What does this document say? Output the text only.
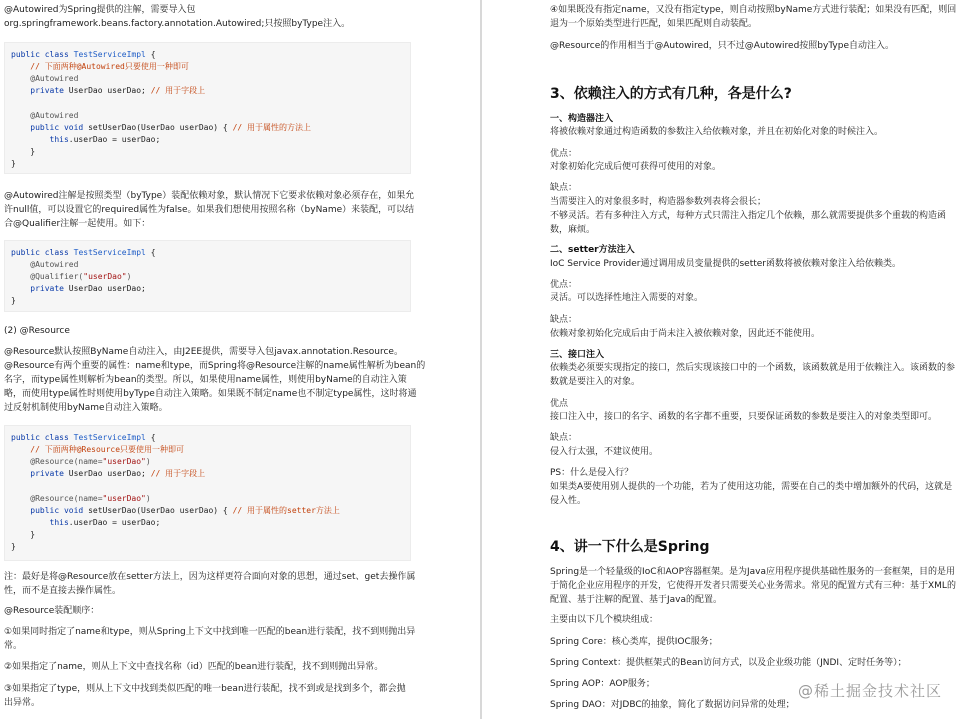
@Autowired为Spring提供的注解，需要导入包
org.springframework.beans.factory.annotation.Autowired;只按照byType注入。
public class TestServiceImpl {
// 下面两种@Autowired只要使用一种即可
@Autowired
private UserDao userDao; // 用于字段上
@Autowired
public void setUserDao(UserDao userDao) { // 用于属性的方法上
this.userDao = userDao;
}
}
@Autowired注解是按照类型（byType）装配依赖对象，默认情况下它要求依赖对象必须存在，如果允
许null值，可以设置它的required属性为false。如果我们想使用按照名称（byName）来装配，可以结
合@Qualifier注解一起使用。如下：
public class TestServiceImpl {
@Autowired
@Qualifier("userDao")
private UserDao userDao;
}
(2) @Resource
@Resource默认按照ByName自动注入，由J2EE提供，需要导入包javax.annotation.Resource。
@Resource有两个重要的属性：name和type，而Spring将@Resource注解的name属性解析为bean的
名字，而type属性则解析为bean的类型。所以，如果使用name属性，则使用byName的自动注入策
略，而使用type属性时则使用byType自动注入策略。如果既不制定name也不制定type属性，这时将通
过反射机制使用byName自动注入策略。
public class TestServiceImpl {
// 下面两种@Resource只要使用一种即可
@Resource(name="userDao")
private UserDao userDao; // 用于字段上
@Resource(name="userDao")
public void setUserDao(UserDao userDao) { // 用于属性的setter方法上
this.userDao = userDao;
}
}
注：最好是将@Resource放在setter方法上，因为这样更符合面向对象的思想，通过set、get去操作属
性，而不是直接去操作属性。
@Resource装配顺序：
①如果同时指定了name和type，则从Spring上下文中找到唯一匹配的bean进行装配，找不到则抛出异
常。
②如果指定了name，则从上下文中查找名称（id）匹配的bean进行装配，找不到则抛出异常。
③如果指定了type，则从上下文中找到类似匹配的唯一bean进行装配，找不到或是找到多个，都会抛
出异常。
④如果既没有指定name，又没有指定type，则自动按照byName方式进行装配；如果没有匹配，则回
退为一个原始类型进行匹配，如果匹配则自动装配。
@Resource的作用相当于@Autowired，只不过@Autowired按照byType自动注入。
3、依赖注入的方式有几种，各是什么?
一、构造器注入
将被依赖对象通过构造函数的参数注入给依赖对象，并且在初始化对象的时候注入。
优点：
对象初始化完成后便可获得可使用的对象。
缺点：
当需要注入的对象很多时，构造器参数列表将会很长；
不够灵活。若有多种注入方式，每种方式只需注入指定几个依赖，那么就需要提供多个重载的构造函
数，麻烦。
二、setter方法注入
IoC Service Provider通过调用成员变量提供的setter函数将被依赖对象注入给依赖类。
优点：
灵活。可以选择性地注入需要的对象。
缺点：
依赖对象初始化完成后由于尚未注入被依赖对象，因此还不能使用。
三、接口注入
依赖类必须要实现指定的接口，然后实现该接口中的一个函数，该函数就是用于依赖注入。该函数的参
数就是要注入的对象。
优点
接口注入中，接口的名字、函数的名字都不重要，只要保证函数的参数是要注入的对象类型即可。
缺点：
侵入行太强，不建议使用。
PS：什么是侵入行？
如果类A要使用别人提供的一个功能，若为了使用这功能，需要在自己的类中增加额外的代码，这就是
侵入性。
4、讲一下什么是Spring
Spring是一个轻量级的IoC和AOP容器框架。是为Java应用程序提供基础性服务的一套框架，目的是用
于简化企业应用程序的开发，它使得开发者只需要关心业务需求。常见的配置方式有三种：基于XML的
配置、基于注解的配置、基于Java的配置。
主要由以下几个模块组成：
Spring Core：核心类库，提供IOC服务；
Spring Context：提供框架式的Bean访问方式，以及企业级功能（JNDI、定时任务等）；
Spring AOP：AOP服务；
Spring DAO：对JDBC的抽象，简化了数据访问异常的处理；
@稀土掘金技术社区
